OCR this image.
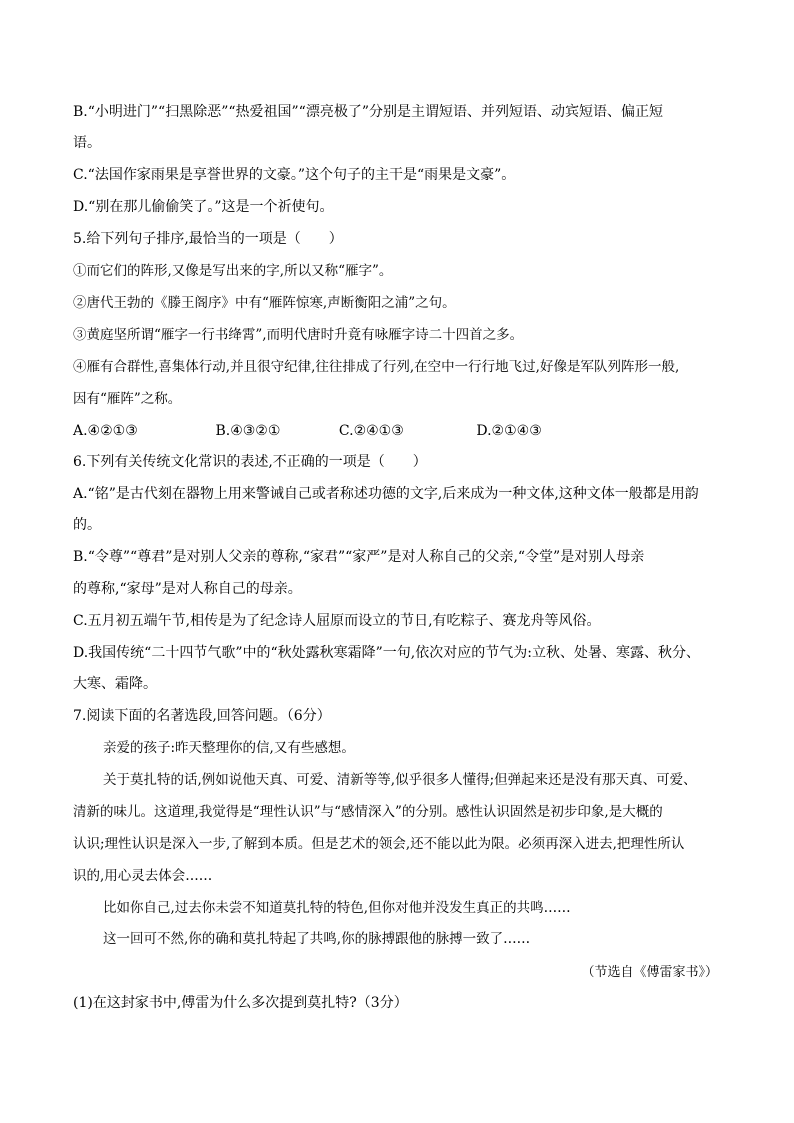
B.“小明进门”“扫黑除恶”“热爱祖国”“漂亮极了”分别是主谓短语、并列短语、动宾短语、偏正短
语。
C.“法国作家雨果是享誉世界的文豪。”这个句子的主干是“雨果是文豪”。
D.“别在那儿偷偷笑了。”这是一个祈使句。
5.给下列句子排序,最恰当的一项是（　　）
①而它们的阵形,又像是写出来的字,所以又称“雁字”。
②唐代王勃的《滕王阁序》中有“雁阵惊寒,声断衡阳之浦”之句。
③黄庭坚所谓“雁字一行书绛霄”,而明代唐时升竟有咏雁字诗二十四首之多。
④雁有合群性,喜集体行动,并且很守纪律,往往排成了行列,在空中一行行地飞过,好像是军队列阵形一般,
因有“雁阵”之称。
A.④②①③	B.④③②①	C.②④①③	D.②①④③
6.下列有关传统文化常识的表述,不正确的一项是（　　）
A.“铭”是古代刻在器物上用来警诫自己或者称述功德的文字,后来成为一种文体,这种文体一般都是用韵
的。
B.“令尊”“尊君”是对别人父亲的尊称,“家君”“家严”是对人称自己的父亲,“令堂”是对别人母亲
的尊称,“家母”是对人称自己的母亲。
C.五月初五端午节,相传是为了纪念诗人屈原而设立的节日,有吃粽子、赛龙舟等风俗。
D.我国传统“二十四节气歌”中的“秋处露秋寒霜降”一句,依次对应的节气为:立秋、处暑、寒露、秋分、
大寒、霜降。
7.阅读下面的名著选段,回答问题。（6分）
亲爱的孩子:昨天整理你的信,又有些感想。
关于莫扎特的话,例如说他天真、可爱、清新等等,似乎很多人懂得;但弹起来还是没有那天真、可爱、
清新的味儿。这道理,我觉得是“理性认识”与“感情深入”的分别。感性认识固然是初步印象,是大概的
认识;理性认识是深入一步,了解到本质。但是艺术的领会,还不能以此为限。必须再深入进去,把理性所认
识的,用心灵去体会……
比如你自己,过去你未尝不知道莫扎特的特色,但你对他并没发生真正的共鸣……
这一回可不然,你的确和莫扎特起了共鸣,你的脉搏跟他的脉搏一致了……
（节选自《傅雷家书》）
(1)在这封家书中,傅雷为什么多次提到莫扎特?（3分）
